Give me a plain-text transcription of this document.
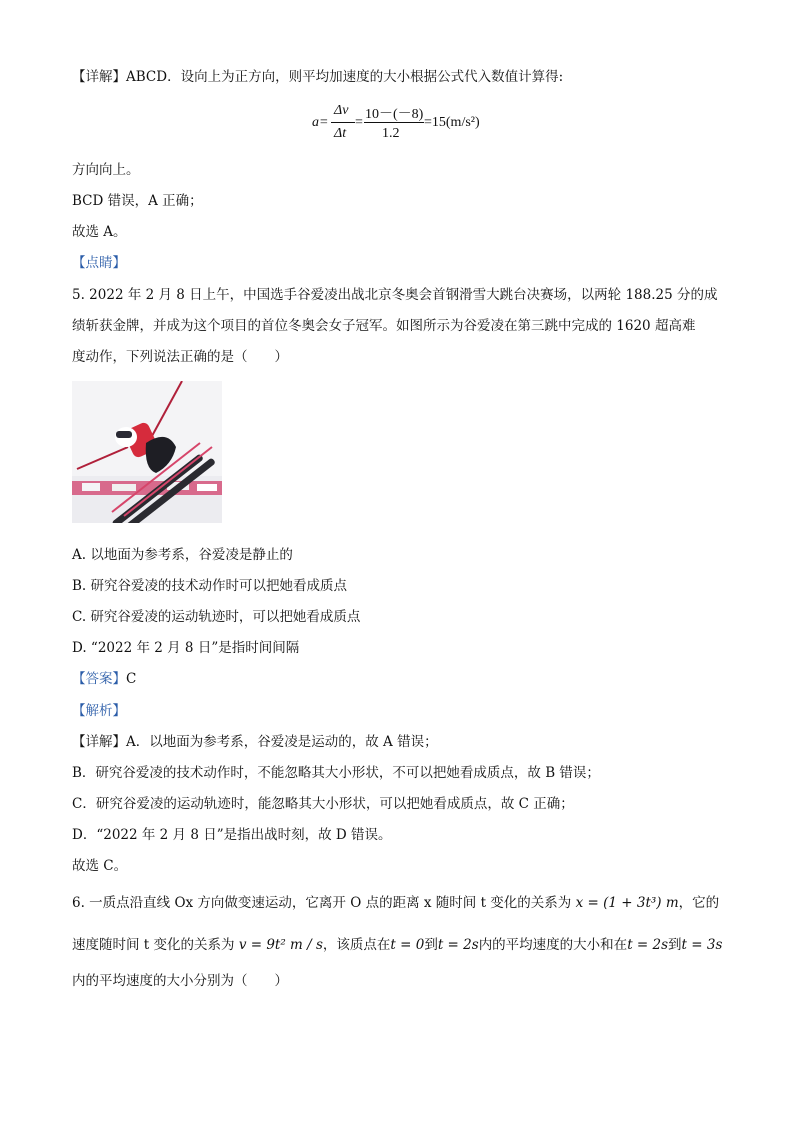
【详解】ABCD．设向上为正方向，则平均加速度的大小根据公式代入数值计算得:
a=
Δv
Δt
=
10－(－8)
1.2
=15(m/s²)
方向向上。
BCD 错误，A 正确；
故选 A。
【点睛】
5. 2022 年 2 月 8 日上午，中国选手谷爱凌出战北京冬奥会首钢滑雪大跳台决赛场，以两轮 188.25 分的成
绩斩获金牌，并成为这个项目的首位冬奥会女子冠军。如图所示为谷爱凌在第三跳中完成的 1620 超高难
度动作，下列说法正确的是（　　）
A. 以地面为参考系，谷爱凌是静止的
B. 研究谷爱凌的技术动作时可以把她看成质点
C. 研究谷爱凌的运动轨迹时，可以把她看成质点
D. “2022 年 2 月 8 日”是指时间间隔
【答案】C
【解析】
【详解】A．以地面为参考系，谷爱凌是运动的，故 A 错误；
B．研究谷爱凌的技术动作时，不能忽略其大小形状，不可以把她看成质点，故 B 错误；
C．研究谷爱凌的运动轨迹时，能忽略其大小形状，可以把她看成质点，故 C 正确；
D．“2022 年 2 月 8 日”是指出战时刻，故 D 错误。
故选 C。
6. 一质点沿直线 Ox 方向做变速运动，它离开 O 点的距离 x 随时间 t 变化的关系为 x = (1 + 3t³) m，它的
速度随时间 t 变化的关系为 v = 9t² m / s，该质点在t = 0到t = 2s内的平均速度的大小和在t = 2s到t = 3s
内的平均速度的大小分别为（　　）
